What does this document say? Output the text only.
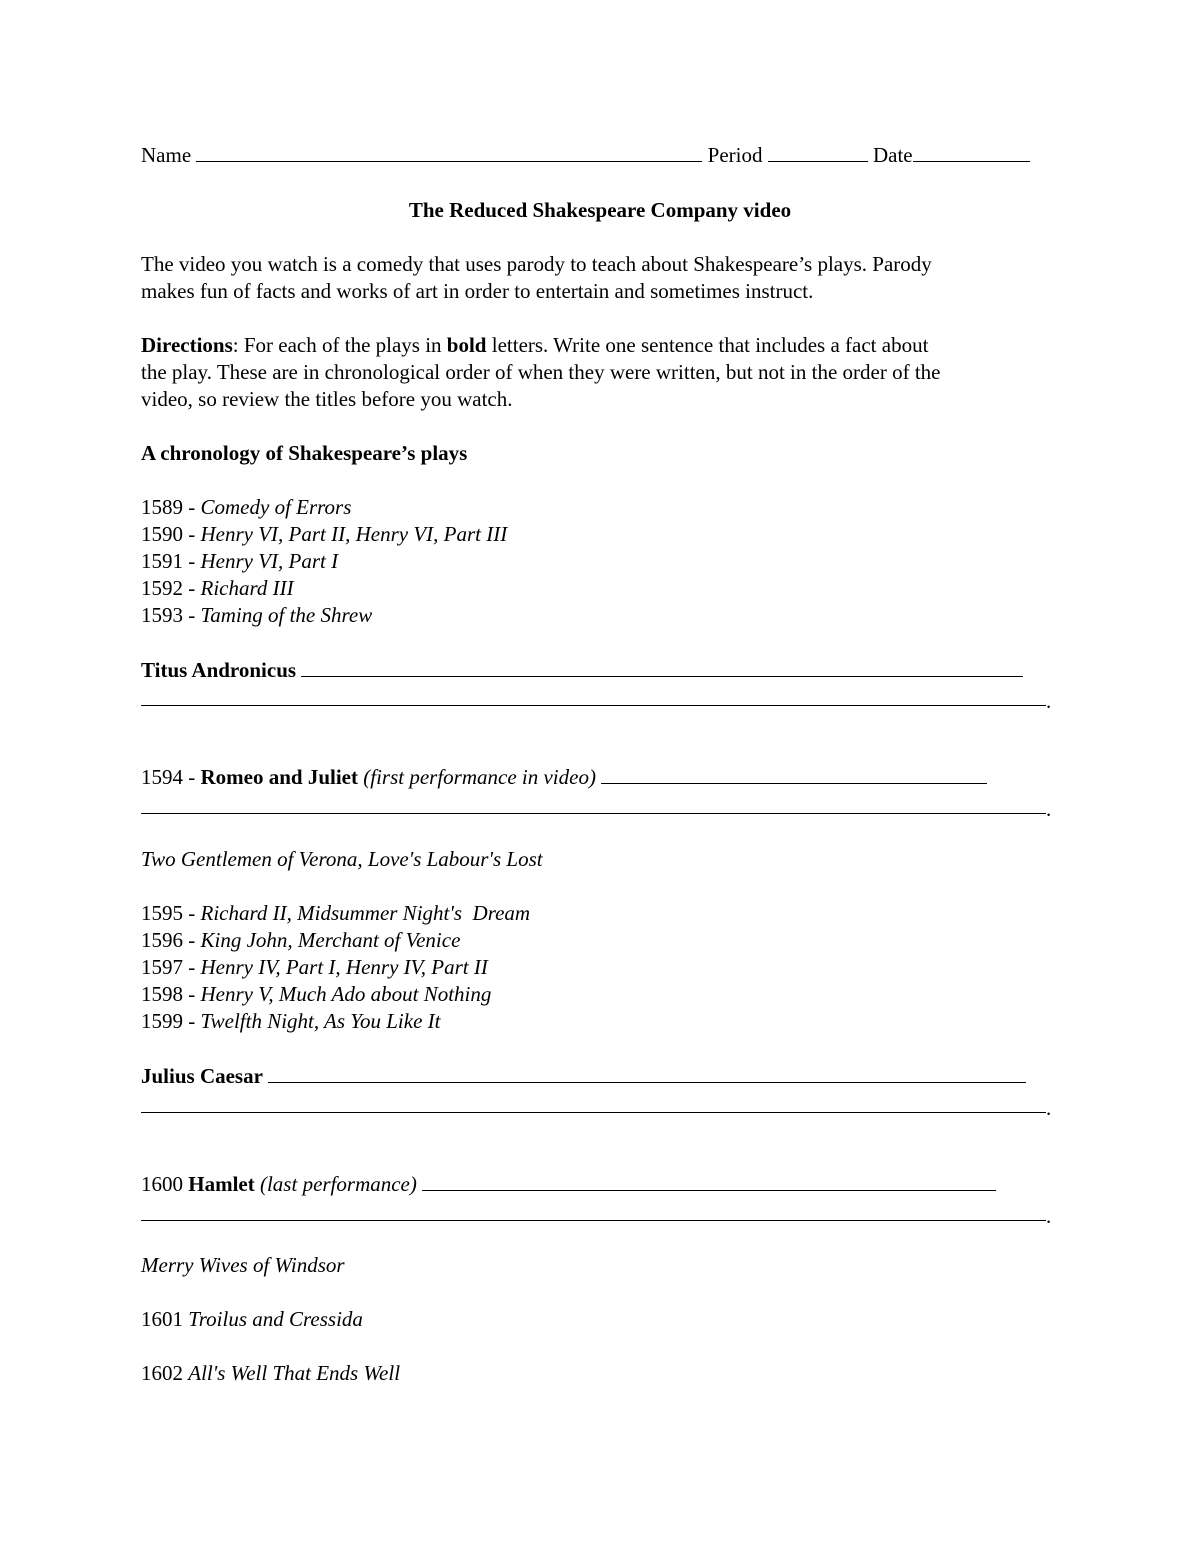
Name	Period	Date
The Reduced Shakespeare Company video
The video you watch is a comedy that uses parody to teach about Shakespeare’s plays. Parody
makes fun of facts and works of art in order to entertain and sometimes instruct.
Directions: For each of the plays in bold letters. Write one sentence that includes a fact about
the play. These are in chronological order of when they were written, but not in the order of the
video, so review the titles before you watch.
A chronology of Shakespeare’s plays
1589 - Comedy of Errors
1590 - Henry VI, Part II, Henry VI, Part III
1591 - Henry VI, Part I
1592 - Richard III
1593 - Taming of the Shrew
Titus Andronicus
.
1594 - Romeo and Juliet (first performance in video)
.
Two Gentlemen of Verona, Love's Labour's Lost
1595 - Richard II, Midsummer Night's  Dream
1596 - King John, Merchant of Venice
1597 - Henry IV, Part I, Henry IV, Part II
1598 - Henry V, Much Ado about Nothing
1599 - Twelfth Night, As You Like It
Julius Caesar
.
1600 Hamlet (last performance)
.
Merry Wives of Windsor
1601 Troilus and Cressida
1602 All's Well That Ends Well
